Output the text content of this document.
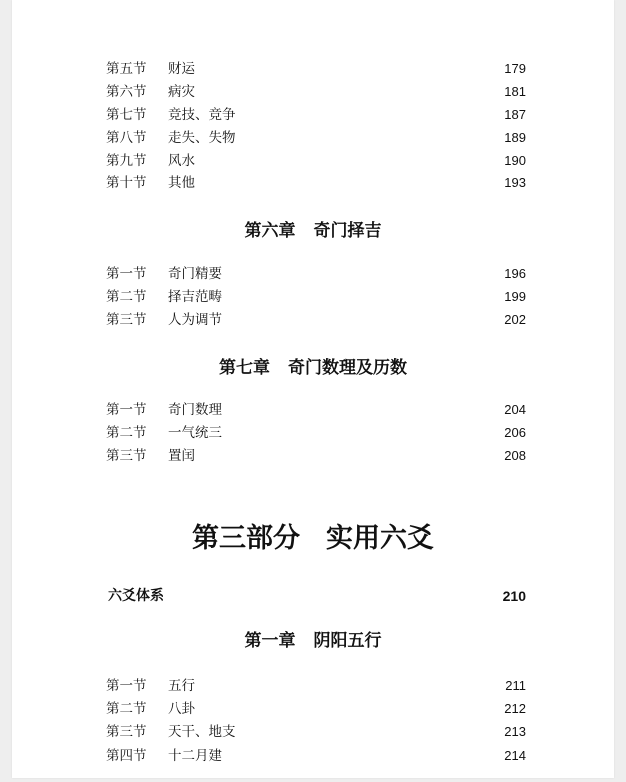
第五节 财运	179
第六节 病灾	181
第七节 竞技、竞争	187
第八节 走失、失物	189
第九节 风水	190
第十节 其他	193
第六章 奇门择吉
第一节 奇门精要	196
第二节 择吉范畴	199
第三节 人为调节	202
第七章 奇门数理及历数
第一节 奇门数理	204
第二节 一气统三	206
第三节 置闰	208
第三部分 实用六爻
六爻体系	210
第一章 阴阳五行
第一节 五行	211
第二节 八卦	212
第三节 天干、地支	213
第四节 十二月建	214
